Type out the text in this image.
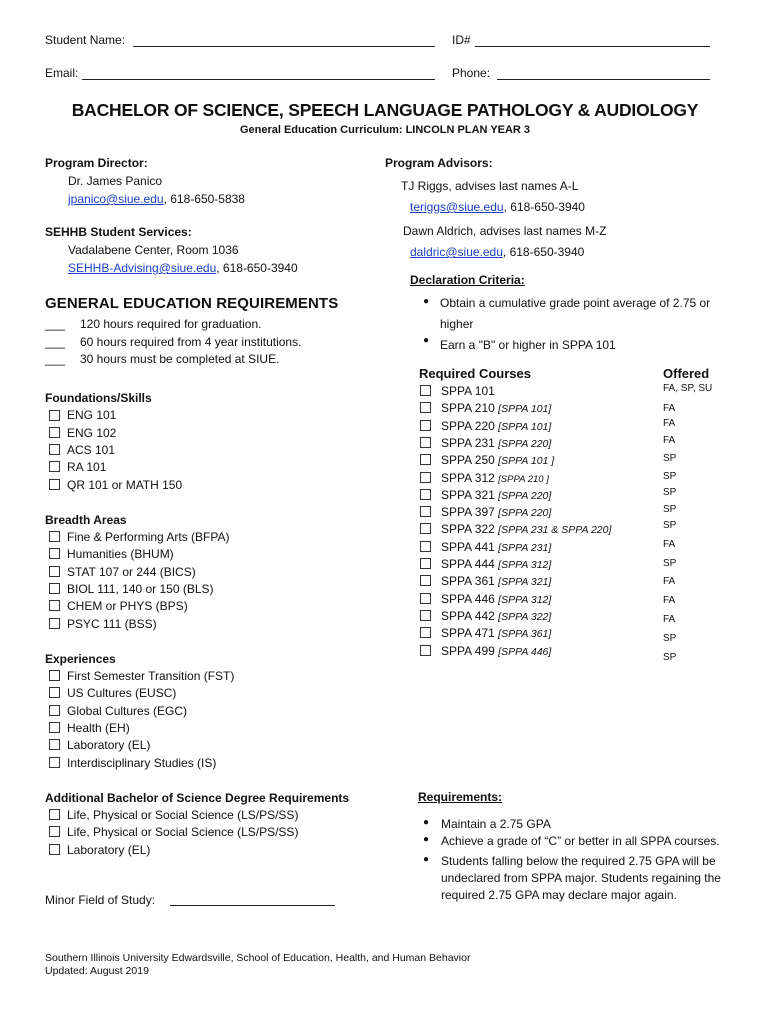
Student Name:	ID#
Email:	Phone:
BACHELOR OF SCIENCE, SPEECH LANGUAGE PATHOLOGY & AUDIOLOGY
General Education Curriculum: LINCOLN PLAN YEAR 3
Program Director:
Dr. James Panico
jpanico@siue.edu, 618-650-5838
SEHHB Student Services:
Vadalabene Center, Room 1036
SEHHB-Advising@siue.edu, 618-650-3940
Program Advisors:
TJ Riggs, advises last names A-L
teriggs@siue.edu, 618-650-3940
Dawn Aldrich, advises last names M-Z
daldric@siue.edu, 618-650-3940
Declaration Criteria:
● Obtain a cumulative grade point average of 2.75 or
higher
● Earn a "B" or higher in SPPA 101
GENERAL EDUCATION REQUIREMENTS
___ 120 hours required for graduation.
___ 60 hours required from 4 year institutions.
___ 30 hours must be completed at SIUE.
Foundations/Skills
ENG 101
ENG 102
ACS 101
RA 101
QR 101 or MATH 150
Breadth Areas
Fine & Performing Arts (BFPA)
Humanities (BHUM)
STAT 107 or 244 (BICS)
BIOL 111, 140 or 150 (BLS)
CHEM or PHYS (BPS)
PSYC 111 (BSS)
Experiences
First Semester Transition (FST)
US Cultures (EUSC)
Global Cultures (EGC)
Health (EH)
Laboratory (EL)
Interdisciplinary Studies (IS)
Additional Bachelor of Science Degree Requirements
Life, Physical or Social Science (LS/PS/SS)
Life, Physical or Social Science (LS/PS/SS)
Laboratory (EL)
Minor Field of Study:
Required Courses	Offered
SPPA 101	FA, SP, SU
SPPA 210 [SPPA 101]	FA
SPPA 220 [SPPA 101]	FA
SPPA 231 [SPPA 220]	FA
SPPA 250 [SPPA 101 ]	SP
SPPA 312 [SPPA 210 ]	SP
SPPA 321 [SPPA 220]	SP
SPPA 397 [SPPA 220]	SP
SPPA 322 [SPPA 231 & SPPA 220]	SP
SPPA 441 [SPPA 231]	FA
SPPA 444 [SPPA 312]	SP
SPPA 361 [SPPA 321]	FA
SPPA 446 [SPPA 312]	FA
SPPA 442 [SPPA 322]	FA
SPPA 471 [SPPA 361]	SP
SPPA 499 [SPPA 446]	SP
Requirements:
● Maintain a 2.75 GPA
● Achieve a grade of “C” or better in all SPPA courses.
● Students falling below the required 2.75 GPA will be
undeclared from SPPA major. Students regaining the
required 2.75 GPA may declare major again.
Southern Illinois University Edwardsville, School of Education, Health, and Human Behavior
Updated: August 2019
